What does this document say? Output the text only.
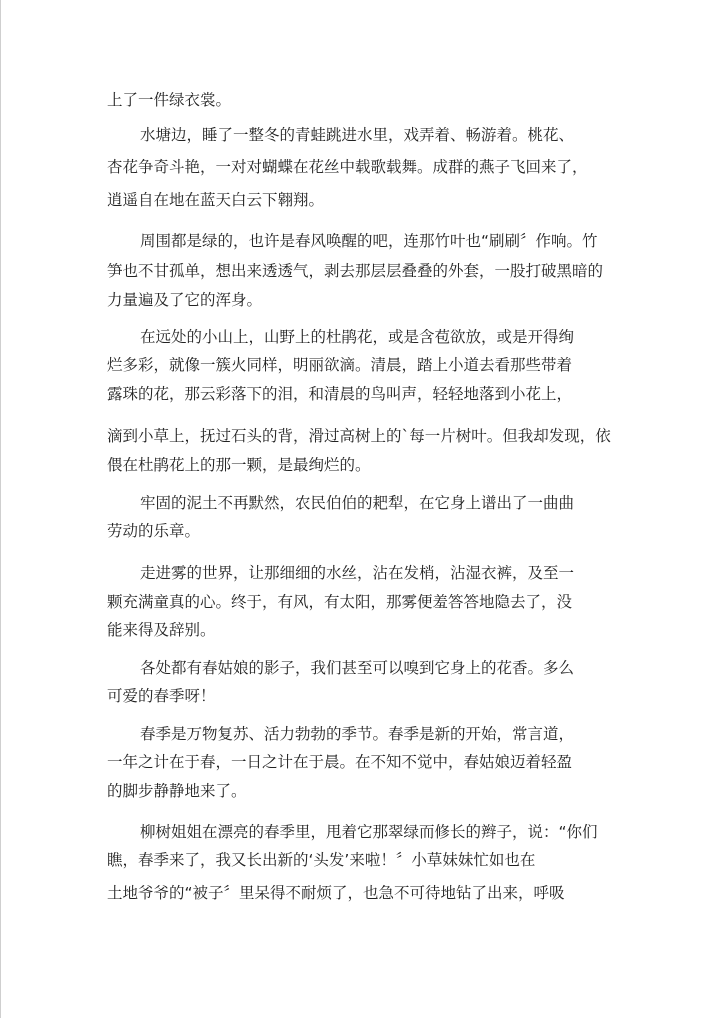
上了一件绿衣裳。
水塘边，睡了一整冬的青蛙跳进水里，戏弄着、畅游着。桃花、
杏花争奇斗艳，一对对蝴蝶在花丝中载歌载舞。成群的燕子飞回来了，
逍遥自在地在蓝天白云下翱翔。
周围都是绿的，也许是春风唤醒的吧，连那竹叶也“刷刷〞作响。竹
笋也不甘孤单，想出来透透气，剥去那层层叠叠的外套，一股打破黑暗的
力量遍及了它的浑身。
在远处的小山上，山野上的杜鹃花，或是含苞欲放，或是开得绚
烂多彩，就像一簇火同样，明丽欲滴。清晨，踏上小道去看那些带着
露珠的花，那云彩落下的泪，和清晨的鸟叫声，轻轻地落到小花上，
滴到小草上，抚过石头的背，滑过高树上的`每一片树叶。但我却发现，依
偎在杜鹃花上的那一颗，是最绚烂的。
牢固的泥土不再默然，农民伯伯的耙犁，在它身上谱出了一曲曲
劳动的乐章。
走进雾的世界，让那细细的水丝，沾在发梢，沾湿衣裤，及至一
颗充满童真的心。终于，有风，有太阳，那雾便羞答答地隐去了，没
能来得及辞别。
各处都有春姑娘的影子，我们甚至可以嗅到它身上的花香。多么
可爱的春季呀！
春季是万物复苏、活力勃勃的季节。春季是新的开始，常言道，
一年之计在于春，一日之计在于晨。在不知不觉中，春姑娘迈着轻盈
的脚步静静地来了。
柳树姐姐在漂亮的春季里，甩着它那翠绿而修长的辫子，说：“你们
瞧，春季来了，我又长出新的‘头发’来啦！〞小草妹妹忙如也在
土地爷爷的“被子〞里呆得不耐烦了，也急不可待地钻了出来，呼吸
